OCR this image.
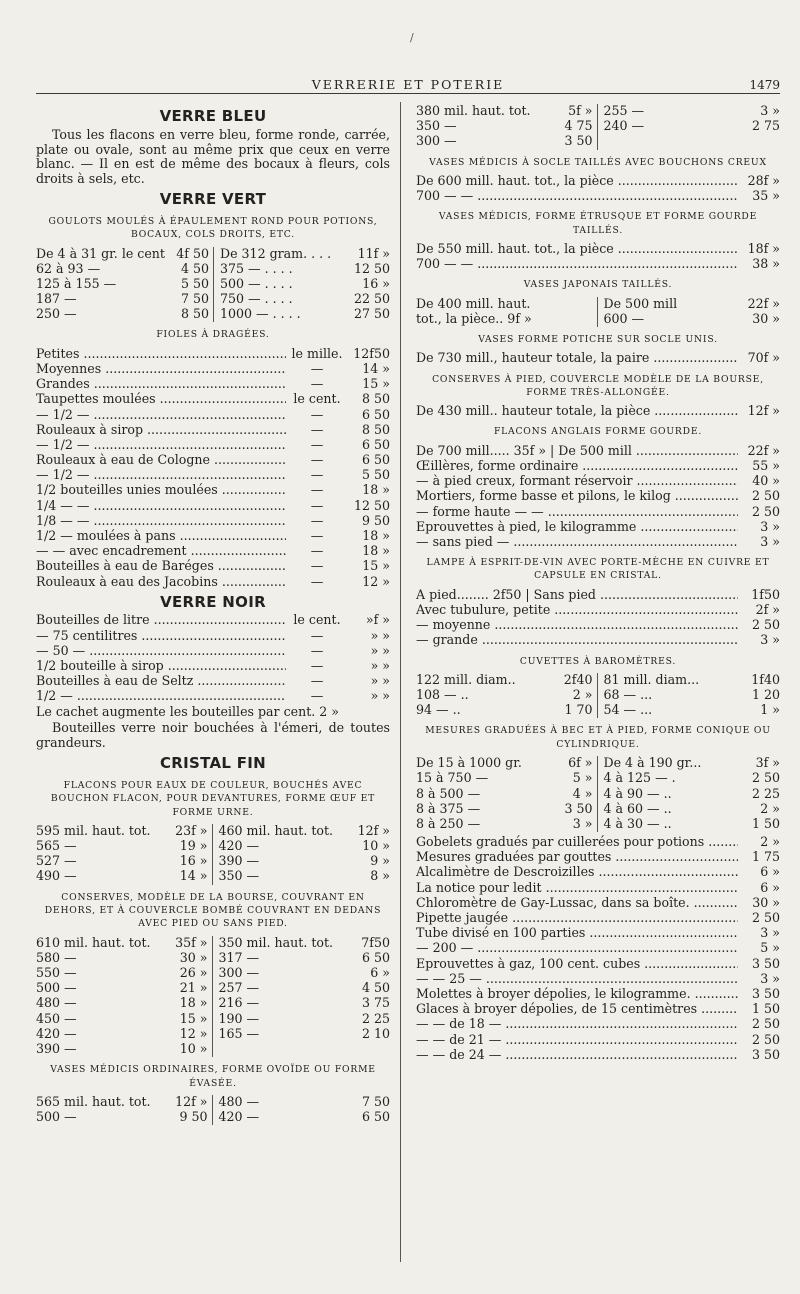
/
VERRERIE ET POTERIE	1479
VERRE BLEU

Tous les flacons en verre bleu, forme ronde, carrée, plate ou ovale, sont au même prix que ceux en verre blanc. — Il en est de même des bocaux à fleurs, cols droits à sels, etc.

VERRE VERT
GOULOTS MOULÉS À ÉPAULEMENT ROND POUR POTIONS, BOCAUX, COLS DROITS, ETC.
De 4 à 31 gr. le cent 4f 50
62 à 93 —	4 50
125 à 155 —	5 50
187 —	7 50
250 —	8 50
De 312 gram. . . .	11f »
375 — . . . .	12 50
500 — . . . .	16 »
750 — . . . .	22 50
1000 — . . . .	27 50
FIOLES À DRAGÉES.
Petites .....	le mille. 12f50
Moyennes .....	—	14 »
Grandes .....	—	15 »
Taupettes moulées .....	le cent.	8 50
— 1/2 — .....	—	6 50
Rouleaux à sirop .....	—	8 50
— 1/2 — .....	—	6 50
Rouleaux à eau de Cologne .....	—	6 50
— 1/2 — .....	—	5 50
1/2 bouteilles unies moulées .....	—	18 »
1/4 — — .....	—	12 50
1/8 — — .....	—	9 50
1/2 — moulées à pans .....	—	18 »
— — avec encadrement .....	—	18 »
Bouteilles à eau de Baréges .....	—	15 »
Rouleaux à eau des Jacobins .....	—	12 »
VERRE NOIR
Bouteilles de litre .....	le cent.	»f »
— 75 centilitres .....	—	» »
— 50 — .....	—	» »
1/2 bouteille à sirop .....	—	» »
Bouteilles à eau de Seltz .....	—	» »
1/2 — .....	—	» »

Le cachet augmente les bouteilles par cent. 2 »

Bouteilles verre noir bouchées à l'émeri, de toutes grandeurs.

CRISTAL FIN
FLACONS POUR EAUX DE COULEUR, BOUCHÉS AVEC BOUCHON FLACON, POUR DEVANTURES, FORME ŒUF ET FORME URNE.
595 mil. haut. tot.	23f »
565 —	19 »
527 —	16 »
490 —	14 »
460 mil. haut. tot.	12f »
420 —	10 »
390 —	9 »
350 —	8 »
CONSERVES, MODÈLE DE LA BOURSE, COUVRANT EN DEHORS, ET À COUVERCLE BOMBÉ COUVRANT EN DEDANS AVEC PIED OU SANS PIED.
610 mil. haut. tot.	35f »
580 —	30 »
550 —	26 »
500 —	21 »
480 —	18 »
450 —	15 »
420 —	12 »
390 —	10 »
350 mil. haut. tot.	7f50
317 —	6 50
300 —	6 »
257 —	4 50
216 —	3 75
190 —	2 25
165 —	2 10
VASES MÉDICIS ORDINAIRES, FORME OVOÏDE OU FORME ÉVASÉE.
565 mil. haut. tot.	12f »
500 —	9 50
480 —	7 50
420 —	6 50
380 mil. haut. tot.	5f »
350 —	4 75
300 —	3 50
255 —	3 »
240 —	2 75
VASES MÉDICIS À SOCLE TAILLÉS AVEC BOUCHONS CREUX
De 600 mill. haut. tot., la pièce .....	28f »
700 — — .....	35 »
VASES MÉDICIS, FORME ÉTRUSQUE ET FORME GOURDE TAILLÉS.
De 550 mill. haut. tot., la pièce .....	18f »
700 — — .....	38 »
VASES JAPONAIS TAILLÉS.
De 400 mill. haut.
tot., la pièce.. 9f »
De 500 mill	22f »
600 —	30 »
VASES FORME POTICHE SUR SOCLE UNIS.
De 730 mill., hauteur totale, la paire .....	70f »
CONSERVES À PIED, COUVERCLE MODÈLE DE LA BOURSE, FORME TRÈS-ALLONGÉE.
De 430 mill.. hauteur totale, la pièce .....	12f »
FLACONS ANGLAIS FORME GOURDE.
De 700 mill..... 35f » | De 500 mill .....	22f »
Œillères, forme ordinaire .....	55 »
— à pied creux, formant réservoir .....	40 »
Mortiers, forme basse et pilons, le kilog .....	2 50
— forme haute — — .....	2 50
Eprouvettes à pied, le kilogramme .....	3 »
— sans pied — .....	3 »
LAMPE À ESPRIT-DE-VIN AVEC PORTE-MÈCHE EN CUIVRE ET CAPSULE EN CRISTAL.
A pied........ 2f50 | Sans pied .....	1f50
Avec tubulure, petite .....	2f »
— moyenne .....	2 50
— grande .....	3 »
CUVETTES À BAROMÈTRES.
122 mill. diam..	2f40
108 — ..	2 »
94 — ..	1 70
81 mill. diam...	1f40
68 — ...	1 20
54 — ...	1 »
MESURES GRADUÉES À BEC ET À PIED, FORME CONIQUE OU CYLINDRIQUE.
De 15 à 1000 gr.	6f »
15 à 750 —	5 »
8 à 500 —	4 »
8 à 375 —	3 50
8 à 250 —	3 »
De 4 à 190 gr...	3f »
4 à 125 — .	2 50
4 à 90 — ..	2 25
4 à 60 — ..	2 »
4 à 30 — ..	1 50
Gobelets gradués par cuillerées pour potions .....	2 »
Mesures graduées par gouttes .....	1 75
Alcalimètre de Descroizilles .....	6 »
La notice pour ledit .....	6 »
Chloromètre de Gay-Lussac, dans sa boîte. .....	30 »
Pipette jaugée .....	2 50
Tube divisé en 100 parties .....	3 »
— 200 — .....	5 »
Eprouvettes à gaz, 100 cent. cubes .....	3 50
— — 25 — .....	3 »
Molettes à broyer dépolies, le kilogramme. .....	3 50
Glaces à broyer dépolies, de 15 centimètres .....	1 50
— — de 18 — .....	2 50
— — de 21 — .....	2 50
— — de 24 — .....	3 50
